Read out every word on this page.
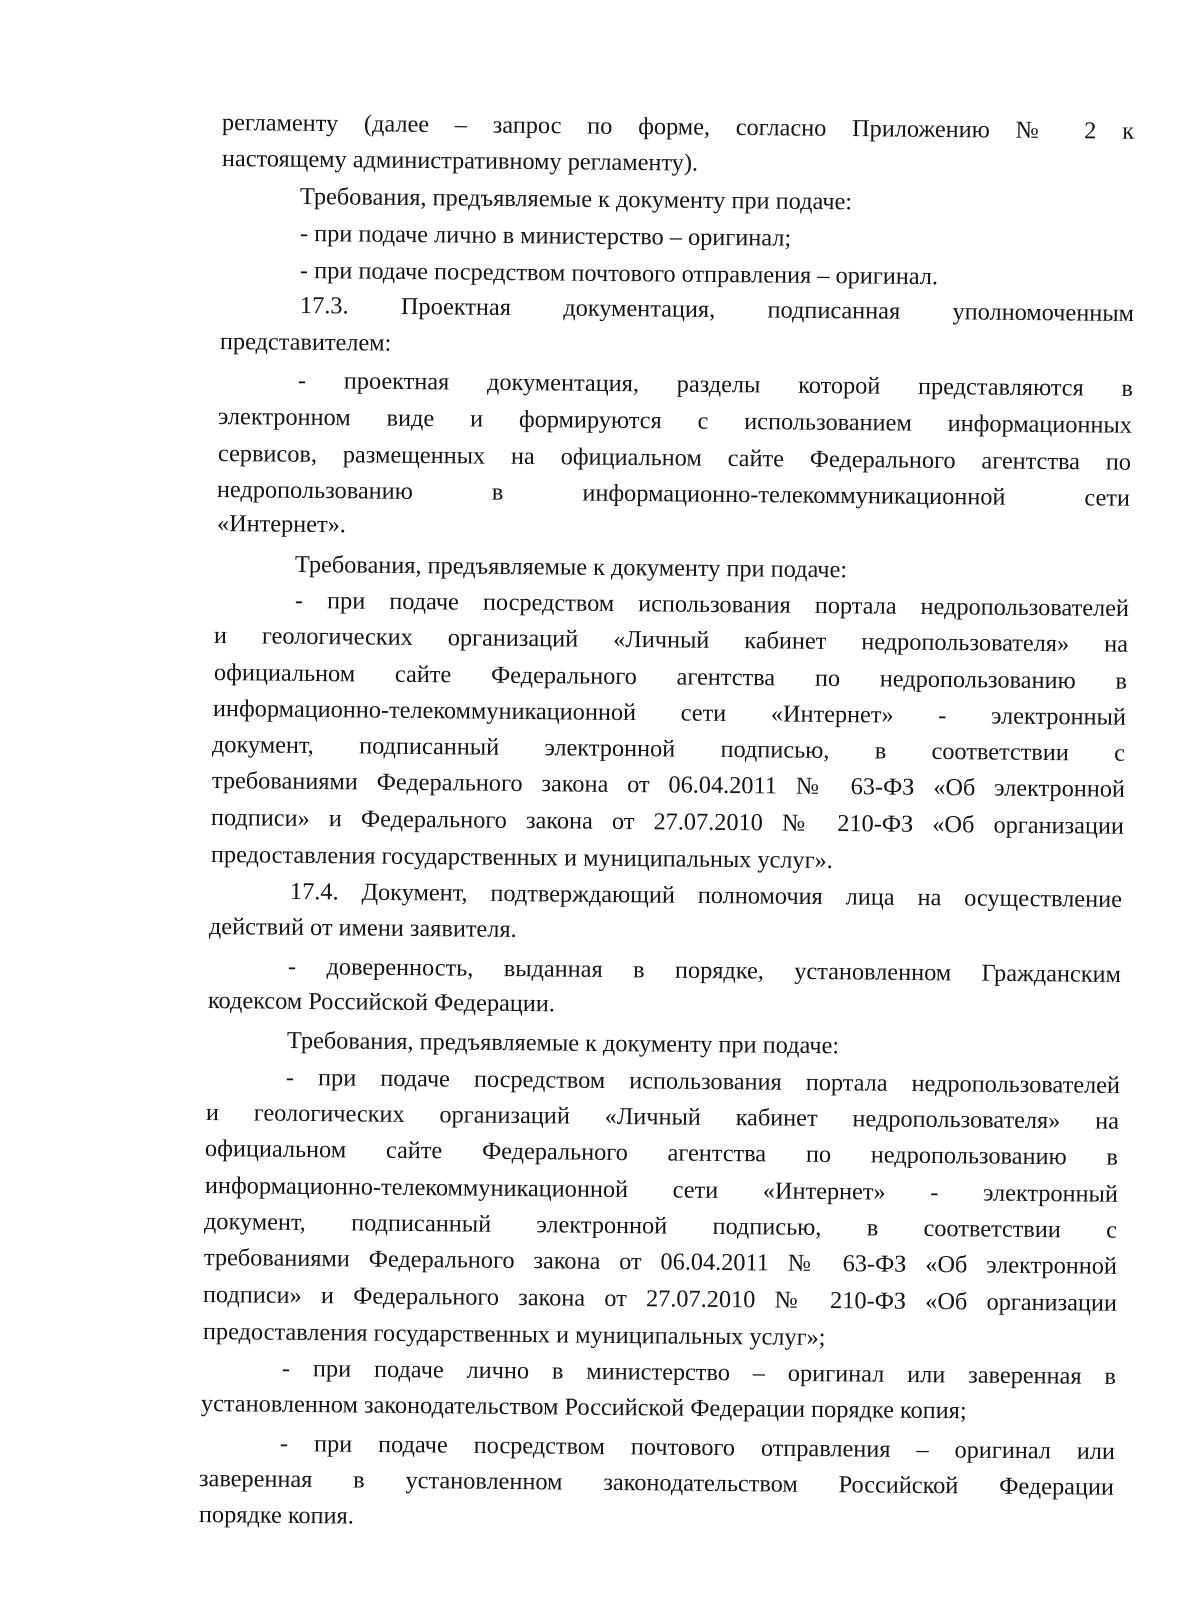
регламенту (далее – запрос по форме, согласно Приложению № 2 к

настоящему административному регламенту).

Требования, предъявляемые к документу при подаче:

- при подаче лично в министерство – оригинал;

- при подаче посредством почтового отправления – оригинал.

17.3. Проектная документация, подписанная уполномоченным

представителем:

- проектная документация, разделы которой представляются в

электронном виде и формируются с использованием информационных

сервисов, размещенных на официальном сайте Федерального агентства по

недропользованию в информационно-телекоммуникационной сети

«Интернет».

Требования, предъявляемые к документу при подаче:

- при подаче посредством использования портала недропользователей

и геологических организаций «Личный кабинет недропользователя» на

официальном сайте Федерального агентства по недропользованию в

информационно-телекоммуникационной сети «Интернет» - электронный

документ, подписанный электронной подписью, в соответствии с

требованиями Федерального закона от 06.04.2011 № 63-ФЗ «Об электронной

подписи» и Федерального закона от 27.07.2010 № 210-ФЗ «Об организации

предоставления государственных и муниципальных услуг».

17.4. Документ, подтверждающий полномочия лица на осуществление

действий от имени заявителя.

- доверенность, выданная в порядке, установленном Гражданским

кодексом Российской Федерации.

Требования, предъявляемые к документу при подаче:

- при подаче посредством использования портала недропользователей

и геологических организаций «Личный кабинет недропользователя» на

официальном сайте Федерального агентства по недропользованию в

информационно-телекоммуникационной сети «Интернет» - электронный

документ, подписанный электронной подписью, в соответствии с

требованиями Федерального закона от 06.04.2011 № 63-ФЗ «Об электронной

подписи» и Федерального закона от 27.07.2010 № 210-ФЗ «Об организации

предоставления государственных и муниципальных услуг»;

- при подаче лично в министерство – оригинал или заверенная в

установленном законодательством Российской Федерации порядке копия;

- при подаче посредством почтового отправления – оригинал или

заверенная в установленном законодательством Российской Федерации

порядке копия.
